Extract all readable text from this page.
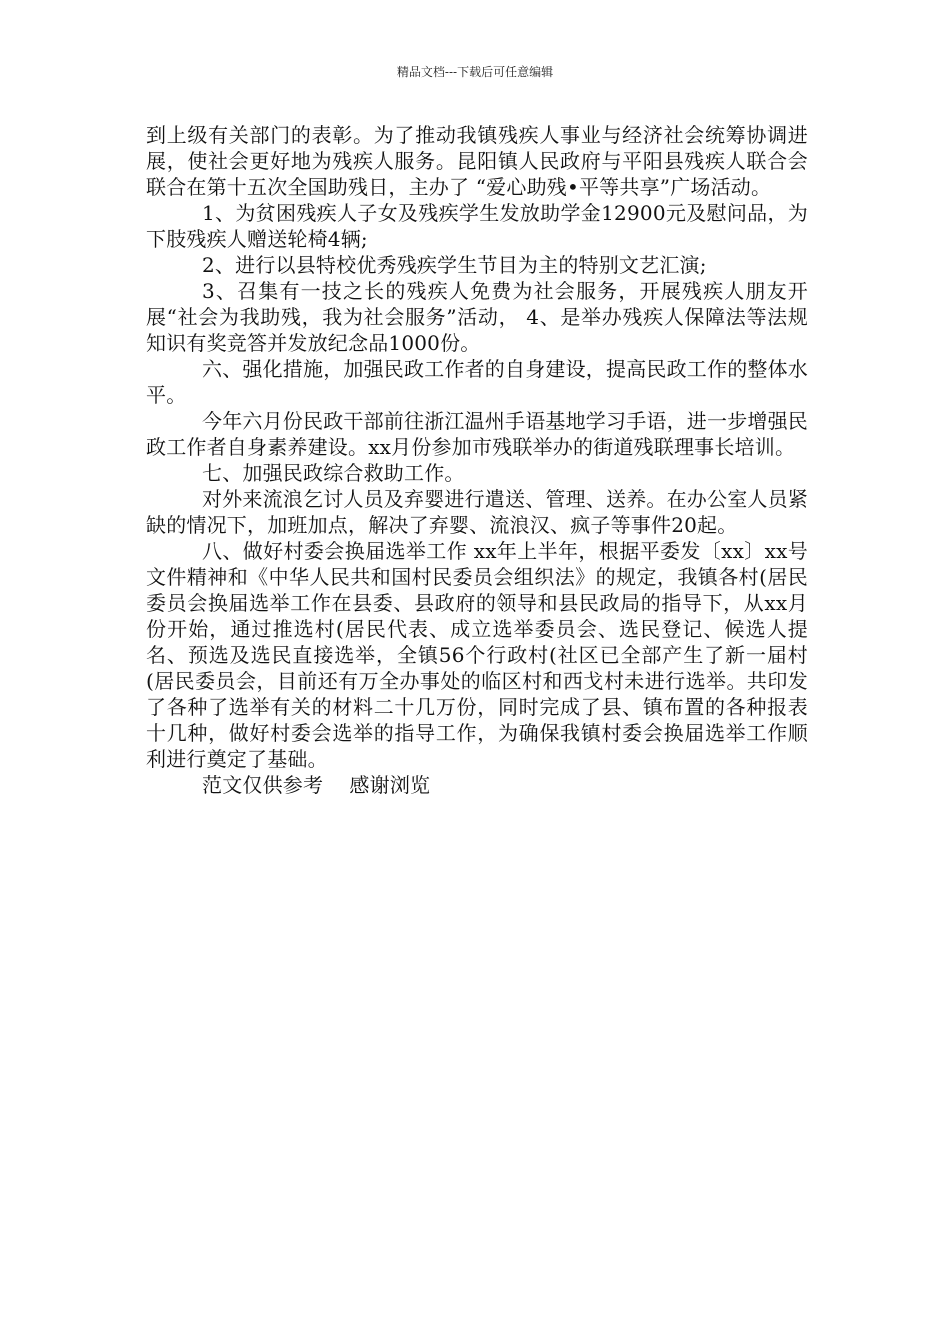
精品文档---下载后可任意编辑

到上级有关部门的表彰。为了推动我镇残疾人事业与经济社会统筹协调进展，使社会更好地为残疾人服务。昆阳镇人民政府与平阳县残疾人联合会联合在第十五次全国助残日，主办了 “爱心助残•平等共享”广场活动。

1、为贫困残疾人子女及残疾学生发放助学金12900元及慰问品，为下肢残疾人赠送轮椅4辆;

2、进行以县特校优秀残疾学生节目为主的特别文艺汇演;

3、召集有一技之长的残疾人免费为社会服务，开展残疾人朋友开展“社会为我助残，我为社会服务”活动， 4、是举办残疾人保障法等法规知识有奖竞答并发放纪念品1000份。

六、强化措施，加强民政工作者的自身建设，提高民政工作的整体水平。

今年六月份民政干部前往浙江温州手语基地学习手语，进一步增强民政工作者自身素养建设。xx月份参加市残联举办的街道残联理事长培训。

七、加强民政综合救助工作。

对外来流浪乞讨人员及弃婴进行遣送、管理、送养。在办公室人员紧缺的情况下，加班加点，解决了弃婴、流浪汉、疯子等事件20起。

八、做好村委会换届选举工作 xx年上半年，根据平委发〔xx〕xx号文件精神和《中华人民共和国村民委员会组织法》的规定，我镇各村(居民委员会换届选举工作在县委、县政府的领导和县民政局的指导下，从xx月份开始，通过推选村(居民代表、成立选举委员会、选民登记、候选人提名、预选及选民直接选举，全镇56个行政村(社区已全部产生了新一届村 (居民委员会，目前还有万全办事处的临区村和西戈村未进行选举。共印发了各种了选举有关的材料二十几万份，同时完成了县、镇布置的各种报表十几种，做好村委会选举的指导工作，为确保我镇村委会换届选举工作顺利进行奠定了基础。

范文仅供参考    感谢浏览
